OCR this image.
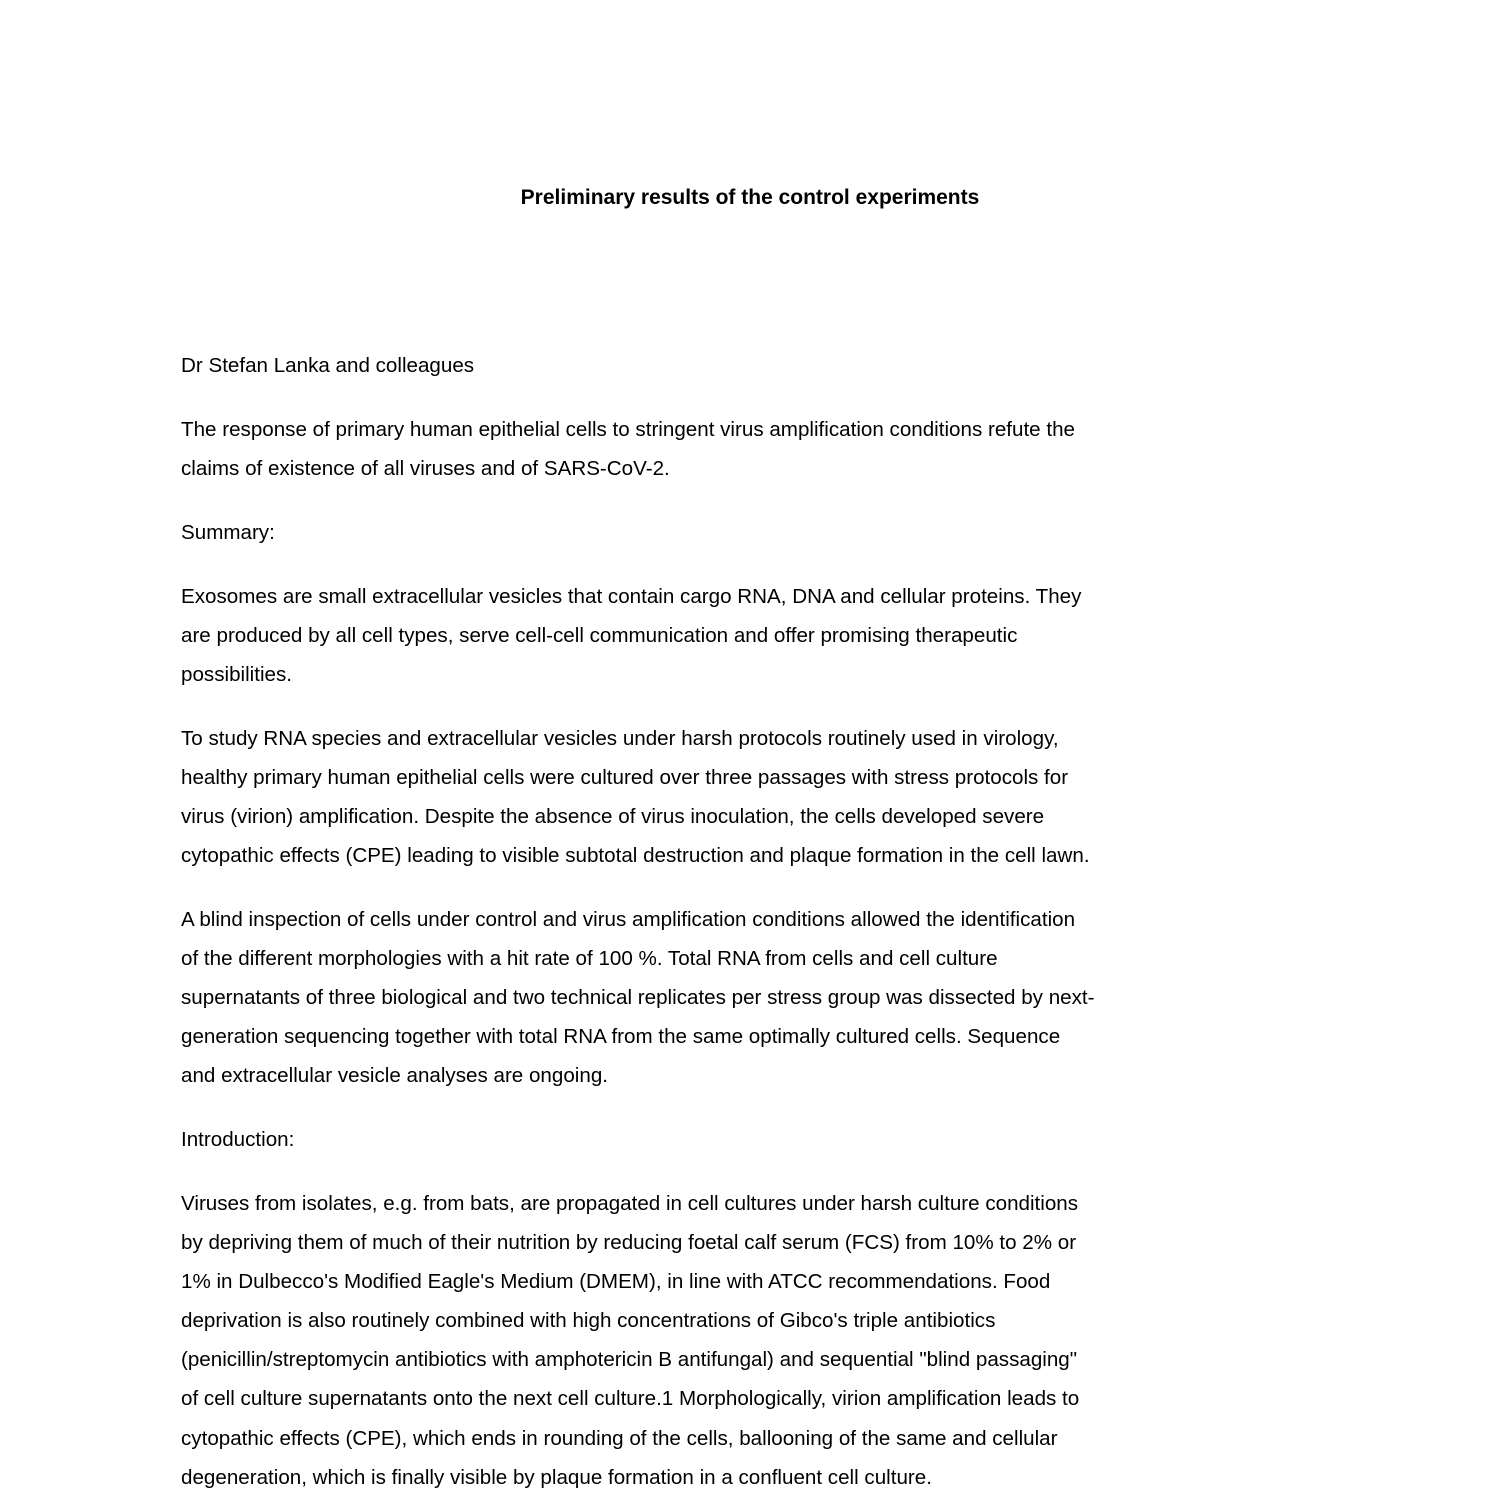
Preliminary results of the control experiments
Dr Stefan Lanka and colleagues
The response of primary human epithelial cells to stringent virus amplification conditions refute the
claims of existence of all viruses and of SARS-CoV-2.
Summary:
Exosomes are small extracellular vesicles that contain cargo RNA, DNA and cellular proteins. They
are produced by all cell types, serve cell-cell communication and offer promising therapeutic
possibilities.
To study RNA species and extracellular vesicles under harsh protocols routinely used in virology,
healthy primary human epithelial cells were cultured over three passages with stress protocols for
virus (virion) amplification. Despite the absence of virus inoculation, the cells developed severe
cytopathic effects (CPE) leading to visible subtotal destruction and plaque formation in the cell lawn.
A blind inspection of cells under control and virus amplification conditions allowed the identification
of the different morphologies with a hit rate of 100 %. Total RNA from cells and cell culture
supernatants of three biological and two technical replicates per stress group was dissected by next-
generation sequencing together with total RNA from the same optimally cultured cells. Sequence
and extracellular vesicle analyses are ongoing.
Introduction:
Viruses from isolates, e.g. from bats, are propagated in cell cultures under harsh culture conditions
by depriving them of much of their nutrition by reducing foetal calf serum (FCS) from 10% to 2% or
1% in Dulbecco's Modified Eagle's Medium (DMEM), in line with ATCC recommendations. Food
deprivation is also routinely combined with high concentrations of Gibco's triple antibiotics
(penicillin/streptomycin antibiotics with amphotericin B antifungal) and sequential "blind passaging"
of cell culture supernatants onto the next cell culture.1 Morphologically, virion amplification leads to
cytopathic effects (CPE), which ends in rounding of the cells, ballooning of the same and cellular
degeneration, which is finally visible by plaque formation in a confluent cell culture.
